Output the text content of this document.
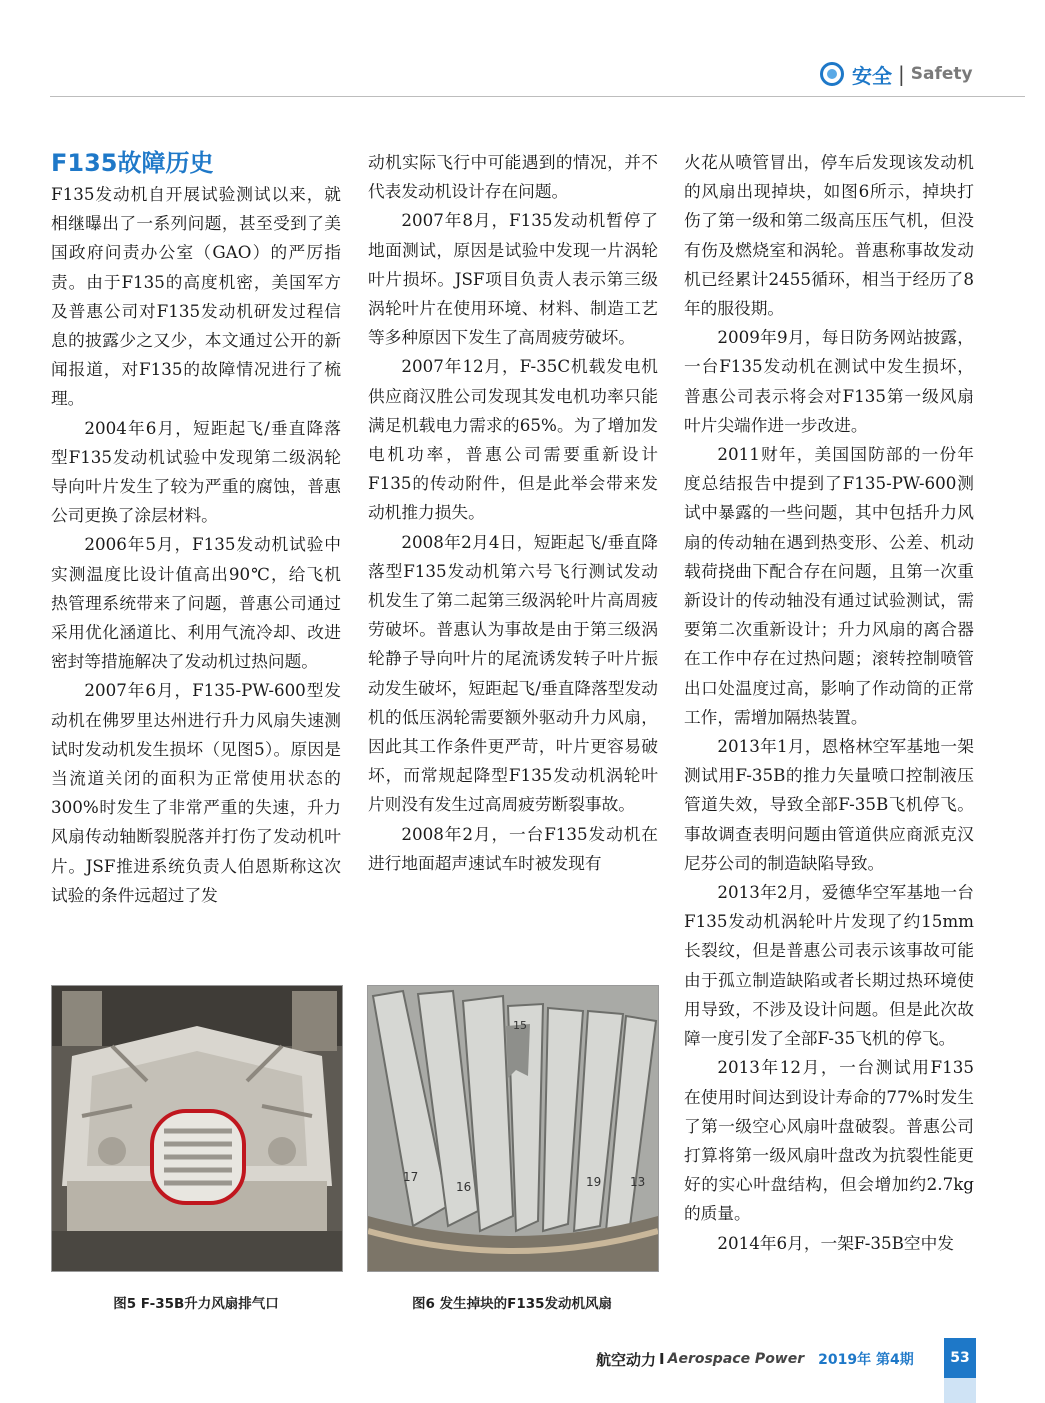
安全 | Safety
F135故障历史

F135发动机自开展试验测试以来，就相继曝出了一系列问题，甚至受到了美国政府问责办公室（GAO）的严厉指责。由于F135的高度机密，美国军方及普惠公司对F135发动机研发过程信息的披露少之又少，本文通过公开的新闻报道，对F135的故障情况进行了梳理。

2004年6月，短距起飞/垂直降落型F135发动机试验中发现第二级涡轮导向叶片发生了较为严重的腐蚀，普惠公司更换了涂层材料。

2006年5月，F135发动机试验中实测温度比设计值高出90℃，给飞机热管理系统带来了问题，普惠公司通过采用优化涵道比、利用气流冷却、改进密封等措施解决了发动机过热问题。

2007年6月，F135-PW-600型发动机在佛罗里达州进行升力风扇失速测试时发动机发生损坏（见图5）。原因是当流道关闭的面积为正常使用状态的300%时发生了非常严重的失速，升力风扇传动轴断裂脱落并打伤了发动机叶片。JSF推进系统负责人伯恩斯称这次试验的条件远超过了发

动机实际飞行中可能遇到的情况，并不代表发动机设计存在问题。

2007年8月，F135发动机暂停了地面测试，原因是试验中发现一片涡轮叶片损坏。JSF项目负责人表示第三级涡轮叶片在使用环境、材料、制造工艺等多种原因下发生了高周疲劳破坏。

2007年12月，F-35C机载发电机供应商汉胜公司发现其发电机功率只能满足机载电力需求的65%。为了增加发电机功率，普惠公司需要重新设计F135的传动附件，但是此举会带来发动机推力损失。

2008年2月4日，短距起飞/垂直降落型F135发动机第六号飞行测试发动机发生了第二起第三级涡轮叶片高周疲劳破坏。普惠认为事故是由于第三级涡轮静子导向叶片的尾流诱发转子叶片振动发生破坏，短距起飞/垂直降落型发动机的低压涡轮需要额外驱动升力风扇，因此其工作条件更严苛，叶片更容易破坏，而常规起降型F135发动机涡轮叶片则没有发生过高周疲劳断裂事故。

2008年2月，一台F135发动机在进行地面超声速试车时被发现有

火花从喷管冒出，停车后发现该发动机的风扇出现掉块，如图6所示，掉块打伤了第一级和第二级高压压气机，但没有伤及燃烧室和涡轮。普惠称事故发动机已经累计2455循环，相当于经历了8年的服役期。

2009年9月，每日防务网站披露，一台F135发动机在测试中发生损坏，普惠公司表示将会对F135第一级风扇叶片尖端作进一步改进。

2011财年，美国国防部的一份年度总结报告中提到了F135-PW-600测试中暴露的一些问题，其中包括升力风扇的传动轴在遇到热变形、公差、机动载荷挠曲下配合存在问题，且第一次重新设计的传动轴没有通过试验测试，需要第二次重新设计；升力风扇的离合器在工作中存在过热问题；滚转控制喷管出口处温度过高，影响了作动筒的正常工作，需增加隔热装置。

2013年1月，恩格林空军基地一架测试用F-35B的推力矢量喷口控制液压管道失效，导致全部F-35B飞机停飞。事故调查表明问题由管道供应商派克汉尼芬公司的制造缺陷导致。

2013年2月，爱德华空军基地一台F135发动机涡轮叶片发现了约15mm长裂纹，但是普惠公司表示该事故可能由于孤立制造缺陷或者长期过热环境使用导致，不涉及设计问题。但是此次故障一度引发了全部F-35飞机的停飞。

2013年12月，一台测试用F135在使用时间达到设计寿命的77%时发生了第一级空心风扇叶盘破裂。普惠公司打算将第一级风扇叶盘改为抗裂性能更好的实心叶盘结构，但会增加约2.7kg的质量。

2014年6月，一架F-35B空中发

15
17
16	19 13
图5 F-35B升力风扇排气口	图6 发生掉块的F135发动机风扇
航空动力 I Aerospace Power 2019年 第4期	53
